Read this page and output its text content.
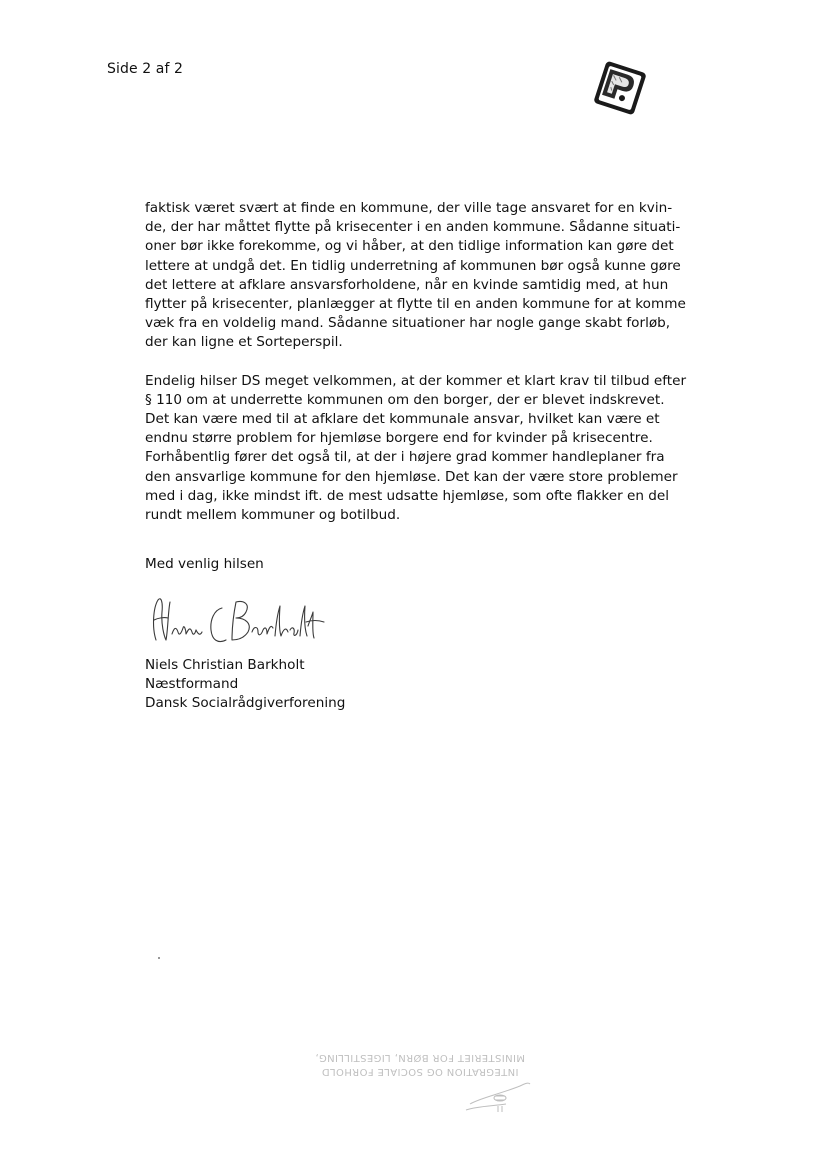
Side 2 af 2

faktisk været svært at finde en kommune, der ville tage ansvaret for en kvin-
de, der har måttet flytte på krisecenter i en anden kommune. Sådanne situati-
oner bør ikke forekomme, og vi håber, at den tidlige information kan gøre det
lettere at undgå det. En tidlig underretning af kommunen bør også kunne gøre
det lettere at afklare ansvarsforholdene, når en kvinde samtidig med, at hun
flytter på krisecenter, planlægger at flytte til en anden kommune for at komme
væk fra en voldelig mand. Sådanne situationer har nogle gange skabt forløb,
der kan ligne et Sorteperspil.

Endelig hilser DS meget velkommen, at der kommer et klart krav til tilbud efter
§ 110 om at underrette kommunen om den borger, der er blevet indskrevet.
Det kan være med til at afklare det kommunale ansvar, hvilket kan være et
endnu større problem for hjemløse borgere end for kvinder på krisecentre.
Forhåbentlig fører det også til, at der i højere grad kommer handleplaner fra
den ansvarlige kommune for den hjemløse. Det kan der være store problemer
med i dag, ikke mindst ift. de mest udsatte hjemløse, som ofte flakker en del
rundt mellem kommuner og botilbud.

Med venlig hilsen
Niels Christian Barkholt
Næstformand
Dansk Socialrådgiverforening
INTEGRATION OG SOCIALE FORHOLD
MINISTERIET FOR BØRN, LIGESTILLING,
